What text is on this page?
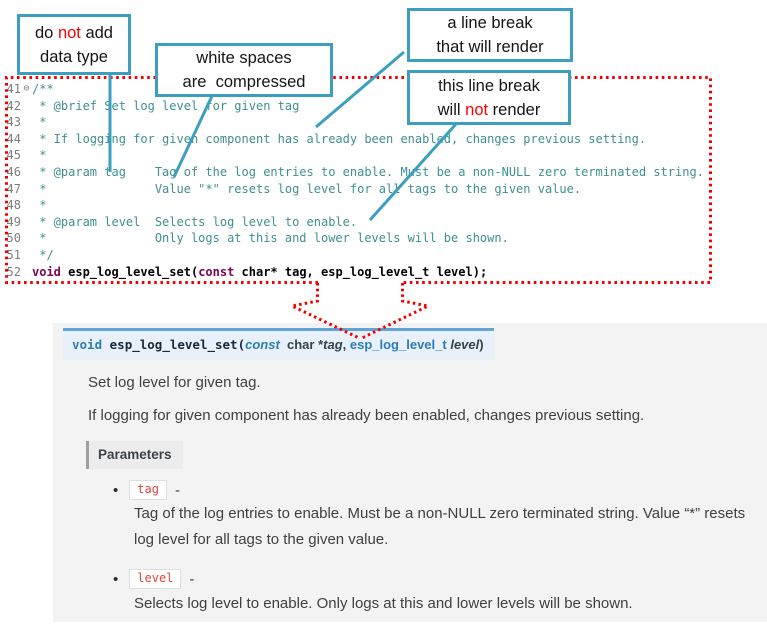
41 ⊖ /**
42 * @brief Set log level for given tag
43 *
44 * If logging for given component has already been enabled, changes previous setting.
45 *
46 * @param tag    Tag of the log entries to enable. Must be a non-NULL zero terminated string.
47 *               Value "*" resets log level for all tags to the given value.
48 *
49 * @param level  Selects log level to enable.
50 *               Only logs at this and lower levels will be shown.
51 */
52 void esp_log_level_set(const char* tag, esp_log_level_t level);
do not add
data type	white spaces
are  compressed
a line break
that will render
this line break
will not render
void esp_log_level_set(const  char *tag, esp_log_level_t level)
Set log level for given tag.
If logging for given component has already been enabled, changes previous setting.
Parameters
•	tag	-
Tag of the log entries to enable. Must be a non-NULL zero terminated string. Value “*” resets log level for all tags to the given value.
•	level	-
Selects log level to enable. Only logs at this and lower levels will be shown.
